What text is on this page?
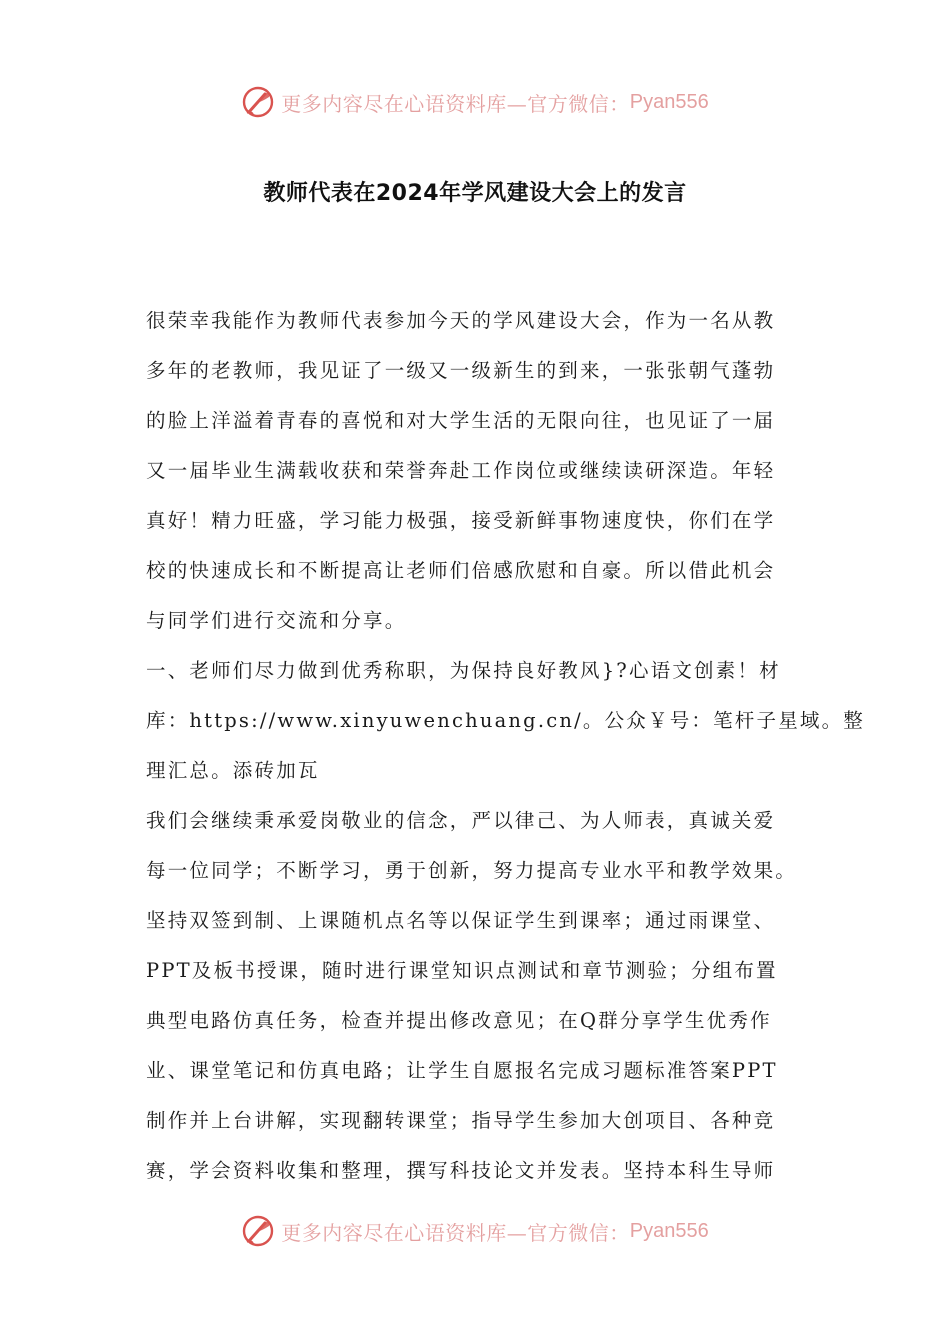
更多内容尽在心语资料库—官方微信： Pyan556
教师代表在2024年学风建设大会上的发言
很荣幸我能作为教师代表参加今天的学风建设大会，作为一名从教
多年的老教师，我见证了一级又一级新生的到来，一张张朝气蓬勃
的脸上洋溢着青春的喜悦和对大学生活的无限向往，也见证了一届
又一届毕业生满载收获和荣誉奔赴工作岗位或继续读研深造。年轻
真好！精力旺盛，学习能力极强，接受新鲜事物速度快，你们在学
校的快速成长和不断提高让老师们倍感欣慰和自豪。所以借此机会
与同学们进行交流和分享。
一、老师们尽力做到优秀称职，为保持良好教风}?心语文创素！材
库：https://www.xinyuwenchuang.cn/。公众￥号：笔杆子星域。整
理汇总。添砖加瓦
我们会继续秉承爱岗敬业的信念，严以律己、为人师表，真诚关爱
每一位同学；不断学习，勇于创新，努力提高专业水平和教学效果。
坚持双签到制、上课随机点名等以保证学生到课率；通过雨课堂、
PPT及板书授课，随时进行课堂知识点测试和章节测验；分组布置
典型电路仿真任务，检查并提出修改意见；在Q群分享学生优秀作
业、课堂笔记和仿真电路；让学生自愿报名完成习题标准答案PPT
制作并上台讲解，实现翻转课堂；指导学生参加大创项目、各种竞
赛，学会资料收集和整理，撰写科技论文并发表。坚持本科生导师
更多内容尽在心语资料库—官方微信： Pyan556
